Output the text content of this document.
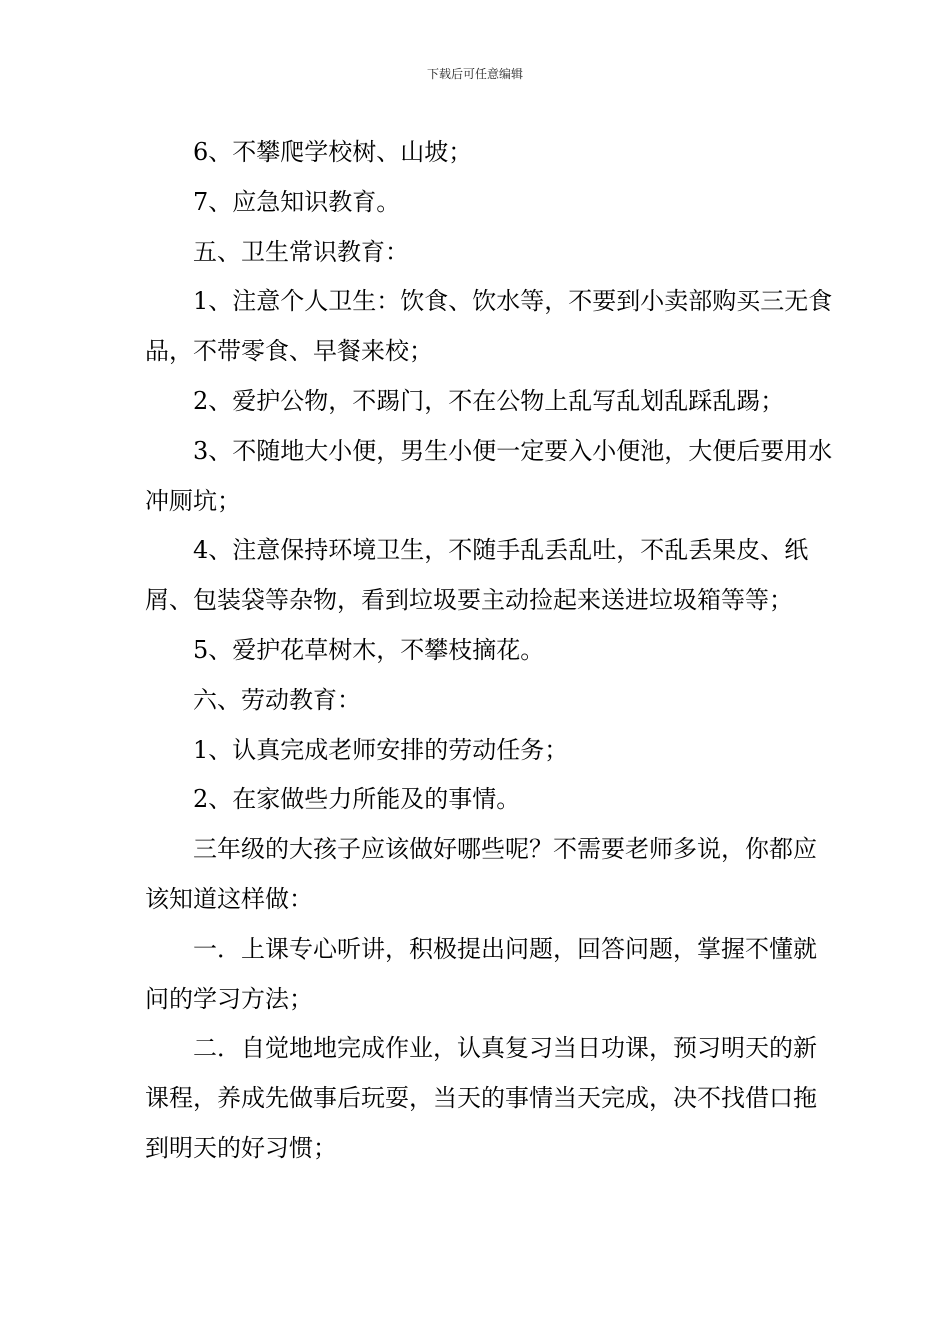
下载后可任意编辑

6、不攀爬学校树、山坡；

7、应急知识教育。

五、卫生常识教育：

1、注意个人卫生：饮食、饮水等，不要到小卖部购买三无食品，不带零食、早餐来校；

2、爱护公物，不踢门，不在公物上乱写乱划乱踩乱踢；

3、不随地大小便，男生小便一定要入小便池，大便后要用水冲厕坑；

4、注意保持环境卫生，不随手乱丢乱吐，不乱丢果皮、纸屑、包装袋等杂物，看到垃圾要主动捡起来送进垃圾箱等等；

5、爱护花草树木，不攀枝摘花。

六、劳动教育：

1、认真完成老师安排的劳动任务；

2、在家做些力所能及的事情。

三年级的大孩子应该做好哪些呢？不需要老师多说，你都应该知道这样做：

一．上课专心听讲，积极提出问题，回答问题，掌握不懂就问的学习方法；

二．自觉地地完成作业，认真复习当日功课，预习明天的新课程，养成先做事后玩耍，当天的事情当天完成，决不找借口拖到明天的好习惯；
